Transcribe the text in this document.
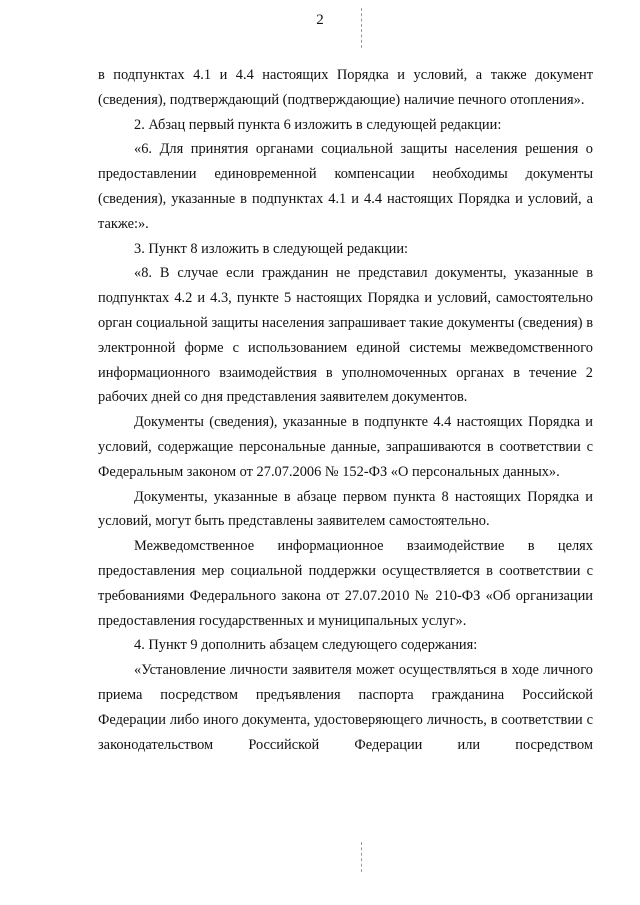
2

в подпунктах 4.1 и 4.4 настоящих Порядка и условий, а также документ (сведения), подтверждающий (подтверждающие) наличие печного отопления».

2. Абзац первый пункта 6 изложить в следующей редакции:

«6. Для принятия органами социальной защиты населения решения о предоставлении единовременной компенсации необходимы документы (сведения), указанные в подпунктах 4.1 и 4.4 настоящих Порядка и условий, а также:».

3. Пункт 8 изложить в следующей редакции:

«8. В случае если гражданин не представил документы, указанные в подпунктах 4.2 и 4.3, пункте 5 настоящих Порядка и условий, самостоятельно орган социальной защиты населения запрашивает такие документы (сведения) в электронной форме с использованием единой системы межведомственного информационного взаимодействия в уполномоченных органах в течение 2 рабочих дней со дня представления заявителем документов.

Документы (сведения), указанные в подпункте 4.4 настоящих Порядка и условий, содержащие персональные данные, запрашиваются в соответствии с Федеральным законом от 27.07.2006 № 152-ФЗ «О персональных данных».

Документы, указанные в абзаце первом пункта 8 настоящих Порядка и условий, могут быть представлены заявителем самостоятельно.

Межведомственное информационное взаимодействие в целях предоставления мер социальной поддержки осуществляется в соответствии с требованиями Федерального закона от 27.07.2010 № 210-ФЗ «Об организации предоставления государственных и муниципальных услуг».

4. Пункт 9 дополнить абзацем следующего содержания:

«Установление личности заявителя может осуществляться в ходе личного приема посредством предъявления паспорта гражданина Российской Федерации либо иного документа, удостоверяющего личность, в соответствии с законодательством Российской Федерации или посредством
